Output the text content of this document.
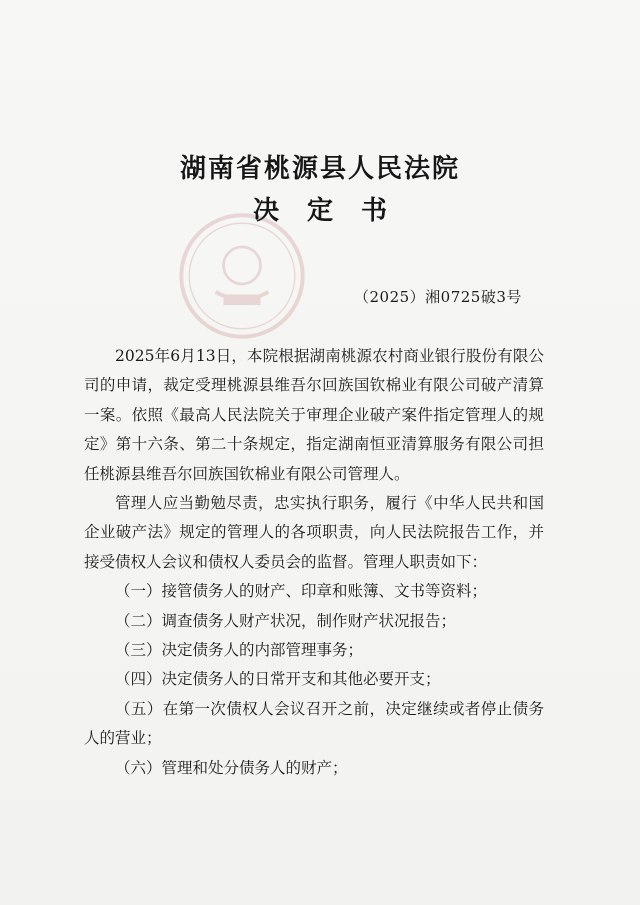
湖南省桃源县人民法院
决定书
（2025）湘0725破3号

2025年6月13日，本院根据湖南桃源农村商业银行股份有限公司的申请，裁定受理桃源县维吾尔回族国钦棉业有限公司破产清算一案。依照《最高人民法院关于审理企业破产案件指定管理人的规定》第十六条、第二十条规定，指定湖南恒亚清算服务有限公司担任桃源县维吾尔回族国钦棉业有限公司管理人。

管理人应当勤勉尽责，忠实执行职务，履行《中华人民共和国企业破产法》规定的管理人的各项职责，向人民法院报告工作，并接受债权人会议和债权人委员会的监督。管理人职责如下：

（一）接管债务人的财产、印章和账簿、文书等资料；

（二）调查债务人财产状况，制作财产状况报告；

（三）决定债务人的内部管理事务；

（四）决定债务人的日常开支和其他必要开支；

（五）在第一次债权人会议召开之前，决定继续或者停止债务人的营业；

（六）管理和处分债务人的财产；
